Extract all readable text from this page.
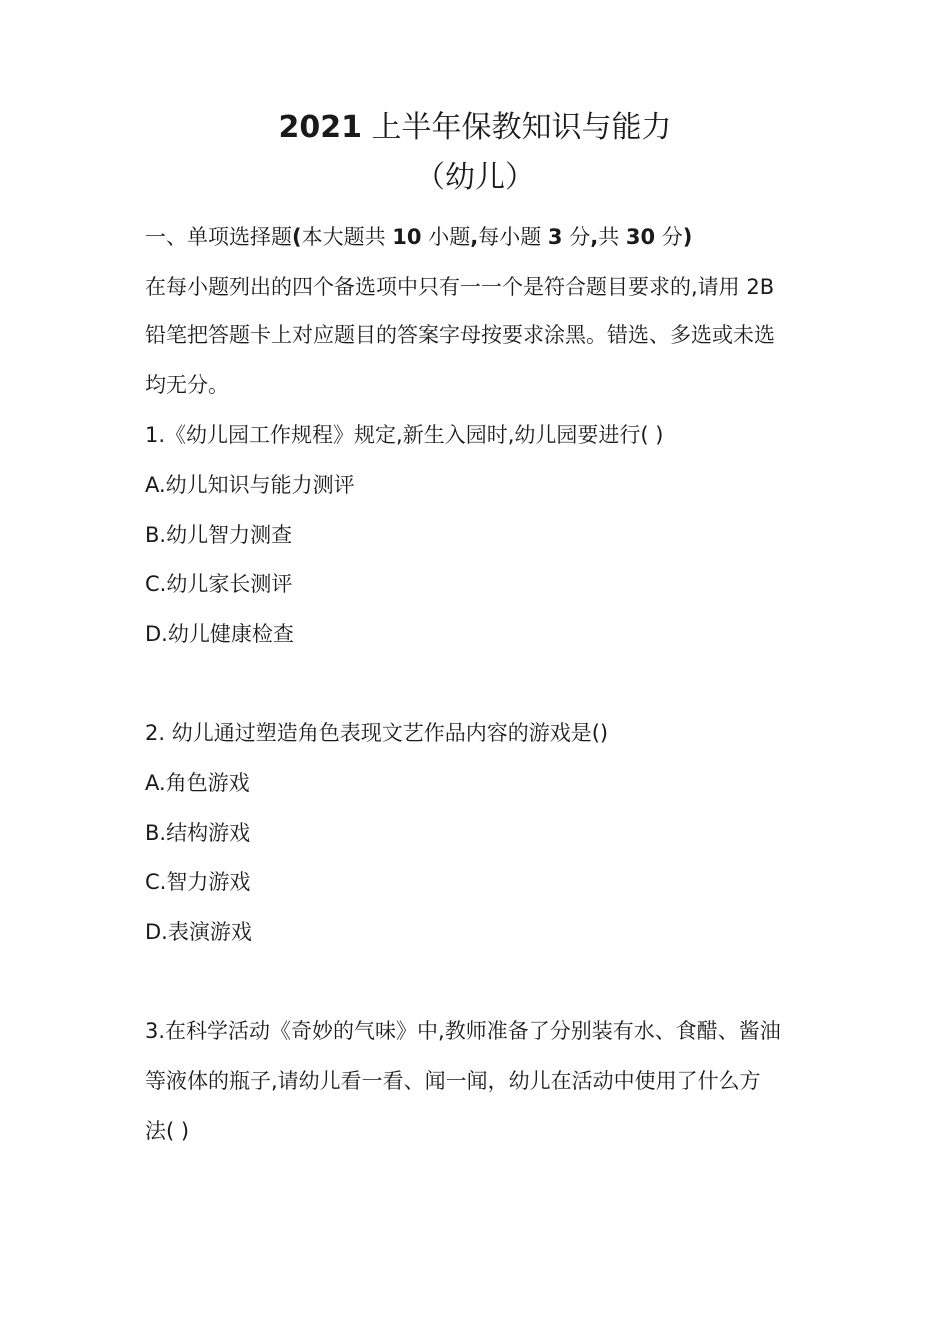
2021 上半年保教知识与能力
（幼儿）
一、单项选择题(本大题共 10 小题,每小题 3 分,共 30 分)
在每小题列出的四个备选项中只有一一个是符合题目要求的,请用 2B
铅笔把答题卡上对应题目的答案字母按要求涂黑。错选、多选或未选
均无分。
1.《幼儿园工作规程》规定,新生入园时,幼儿园要进行( )
A.幼儿知识与能力测评
B.幼儿智力测查
C.幼儿家长测评
D.幼儿健康检查
2. 幼儿通过塑造角色表现文艺作品内容的游戏是()
A.角色游戏
B.结构游戏
C.智力游戏
D.表演游戏
3.在科学活动《奇妙的气味》中,教师准备了分别装有水、食醋、酱油
等液体的瓶子,请幼儿看一看、闻一闻，幼儿在活动中使用了什么方
法( )
